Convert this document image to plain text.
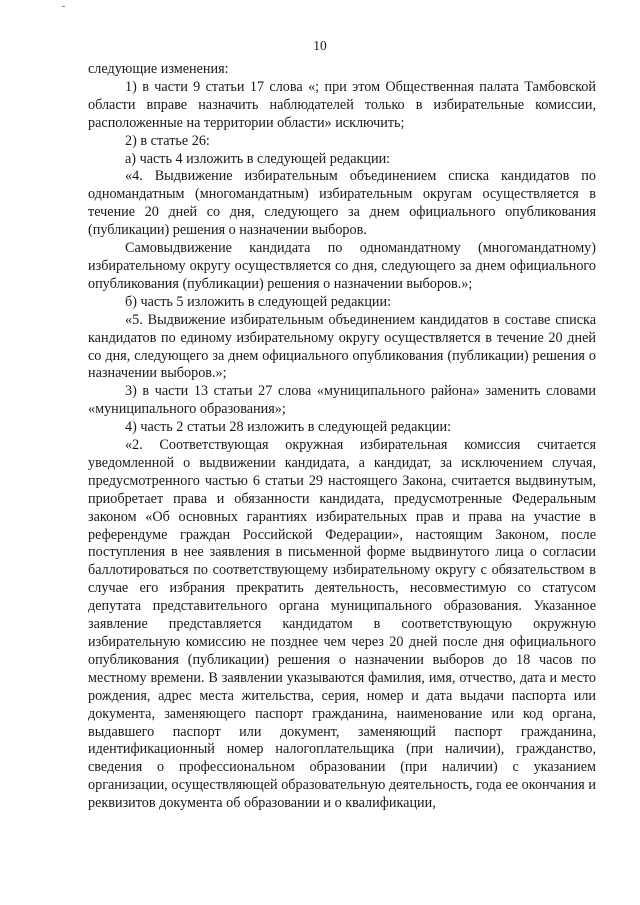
10

следующие изменения:

1) в части 9 статьи 17 слова «; при этом Общественная палата Тамбовской области вправе назначить наблюдателей только в избирательные комиссии, расположенные на территории области» исключить;

2) в статье 26:

а) часть 4 изложить в следующей редакции:

«4. Выдвижение избирательным объединением списка кандидатов по одномандатным (многомандатным) избирательным округам осуществляется в течение 20 дней со дня, следующего за днем официального опубликования (публикации) решения о назначении выборов.

Самовыдвижение кандидата по одномандатному (многомандатному) избирательному округу осуществляется со дня, следующего за днем официального опубликования (публикации) решения о назначении выборов.»;

б) часть 5 изложить в следующей редакции:

«5. Выдвижение избирательным объединением кандидатов в составе списка кандидатов по единому избирательному округу осуществляется в течение 20 дней со дня, следующего за днем официального опубликования (публикации) решения о назначении выборов.»;

3) в части 13 статьи 27 слова «муниципального района» заменить словами «муниципального образования»;

4) часть 2 статьи 28 изложить в следующей редакции:

«2. Соответствующая окружная избирательная комиссия считается уведомленной о выдвижении кандидата, а кандидат, за исключением случая, предусмотренного частью 6 статьи 29 настоящего Закона, считается выдвинутым, приобретает права и обязанности кандидата, предусмотренные Федеральным законом «Об основных гарантиях избирательных прав и права на участие в референдуме граждан Российской Федерации», настоящим Законом, после поступления в нее заявления в письменной форме выдвинутого лица о согласии баллотироваться по соответствующему избирательному округу с обязательством в случае его избрания прекратить деятельность, несовместимую со статусом депутата представительного органа муниципального образования. Указанное заявление представляется кандидатом в соответствующую окружную избирательную комиссию не позднее чем через 20 дней после дня официального опубликования (публикации) решения о назначении выборов до 18 часов по местному времени. В заявлении указываются фамилия, имя, отчество, дата и место рождения, адрес места жительства, серия, номер и дата выдачи паспорта или документа, заменяющего паспорт гражданина, наименование или код органа, выдавшего паспорт или документ, заменяющий паспорт гражданина, идентификационный номер налогоплательщика (при наличии), гражданство, сведения о профессиональном образовании (при наличии) с указанием организации, осуществляющей образовательную деятельность, года ее окончания и реквизитов документа об образовании и о квалификации,
